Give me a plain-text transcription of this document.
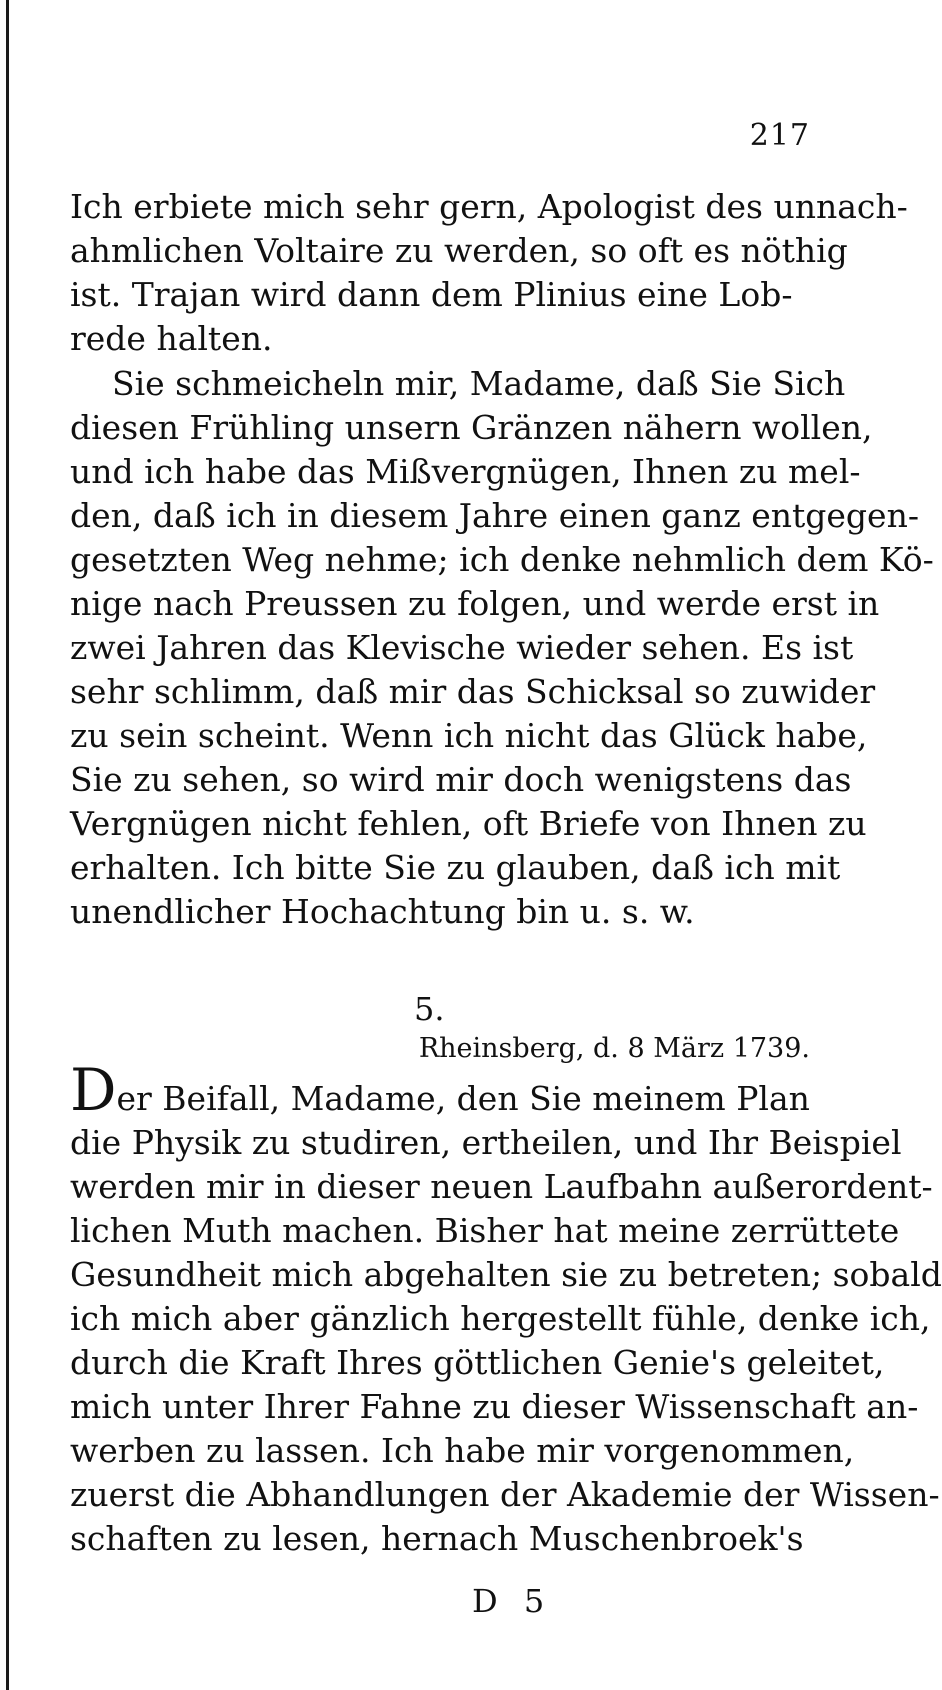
217
Ich erbiete mich sehr gern, Apologist des unnach-
ahmlichen Voltaire zu werden, so oft es nöthig
ist. Trajan wird dann dem Plinius eine Lob-
rede halten.
Sie schmeicheln mir, Madame, daß Sie Sich
diesen Frühling unsern Gränzen nähern wollen,
und ich habe das Mißvergnügen, Ihnen zu mel-
den, daß ich in diesem Jahre einen ganz entgegen-
gesetzten Weg nehme; ich denke nehmlich dem Kö-
nige nach Preussen zu folgen, und werde erst in
zwei Jahren das Klevische wieder sehen. Es ist
sehr schlimm, daß mir das Schicksal so zuwider
zu sein scheint. Wenn ich nicht das Glück habe,
Sie zu sehen, so wird mir doch wenigstens das
Vergnügen nicht fehlen, oft Briefe von Ihnen zu
erhalten. Ich bitte Sie zu glauben, daß ich mit
unendlicher Hochachtung bin u. s. w.
5.
Rheinsberg, d. 8 März 1739.
Der Beifall, Madame, den Sie meinem Plan
die Physik zu studiren, ertheilen, und Ihr Beispiel
werden mir in dieser neuen Laufbahn außerordent-
lichen Muth machen. Bisher hat meine zerrüttete
Gesundheit mich abgehalten sie zu betreten; sobald
ich mich aber gänzlich hergestellt fühle, denke ich,
durch die Kraft Ihres göttlichen Genie's geleitet,
mich unter Ihrer Fahne zu dieser Wissenschaft an-
werben zu lassen. Ich habe mir vorgenommen,
zuerst die Abhandlungen der Akademie der Wissen-
schaften zu lesen, hernach Muschenbroek's
D 5
